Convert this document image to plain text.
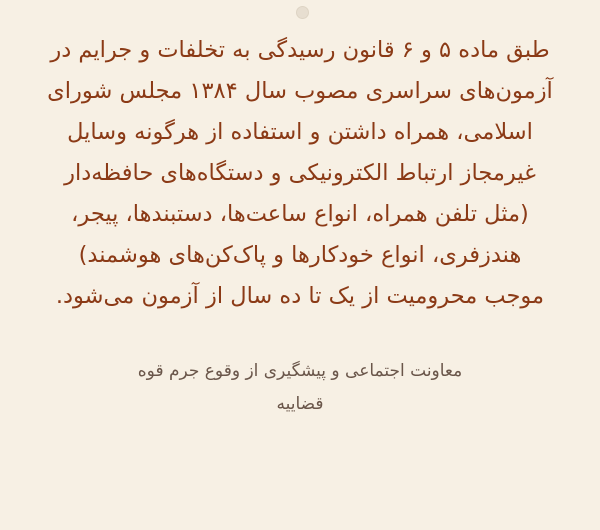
طبق ماده ۵ و ۶ قانون رسیدگی به تخلفات و جرایم در آزمون‌های سراسری مصوب سال ۱۳۸۴ مجلس شورای اسلامی، همراه داشتن و استفاده از هرگونه وسایل غیرمجاز ارتباط الکترونیکی و دستگاه‌های حافظه‌دار (مثل تلفن همراه، انواع ساعت‌ها، دستبندها، پیجر، هندزفری، انواع خودکارها و پاک‌کن‌های هوشمند) موجب محرومیت از یک تا ده سال از آزمون می‌شود.
معاونت اجتماعی و پیشگیری از وقوع جرم قوه
قضاییه
